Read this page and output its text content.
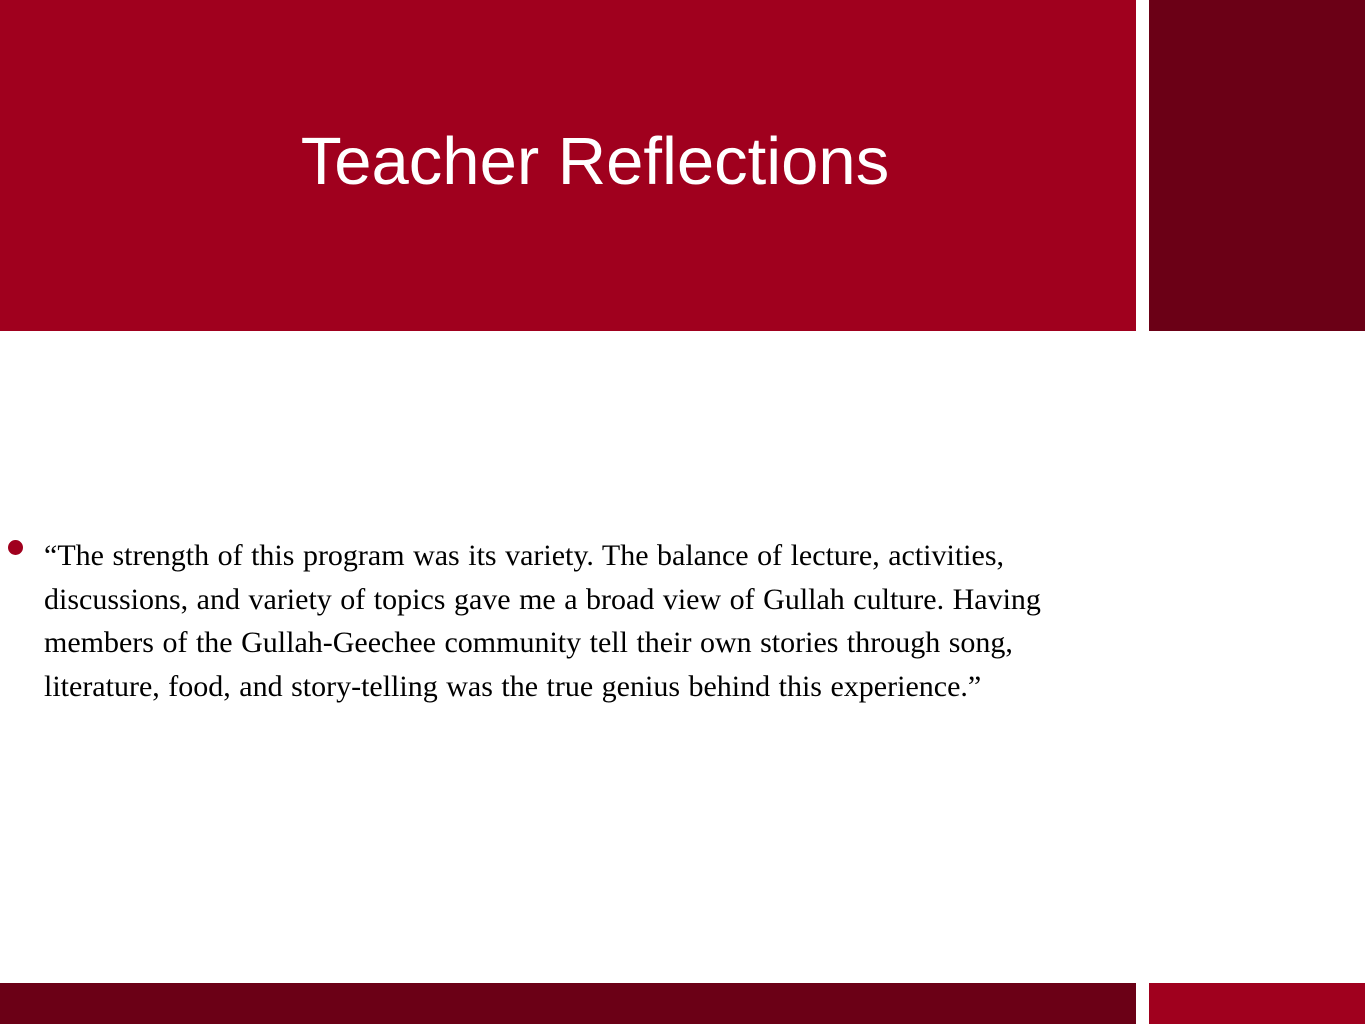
Teacher Reflections

“The strength of this program was its variety. The balance of lecture, activities, discussions, and variety of topics gave me a broad view of Gullah culture. Having members of the Gullah-Geechee community tell their own stories through song, literature, food, and story-telling was the true genius behind this experience.”
